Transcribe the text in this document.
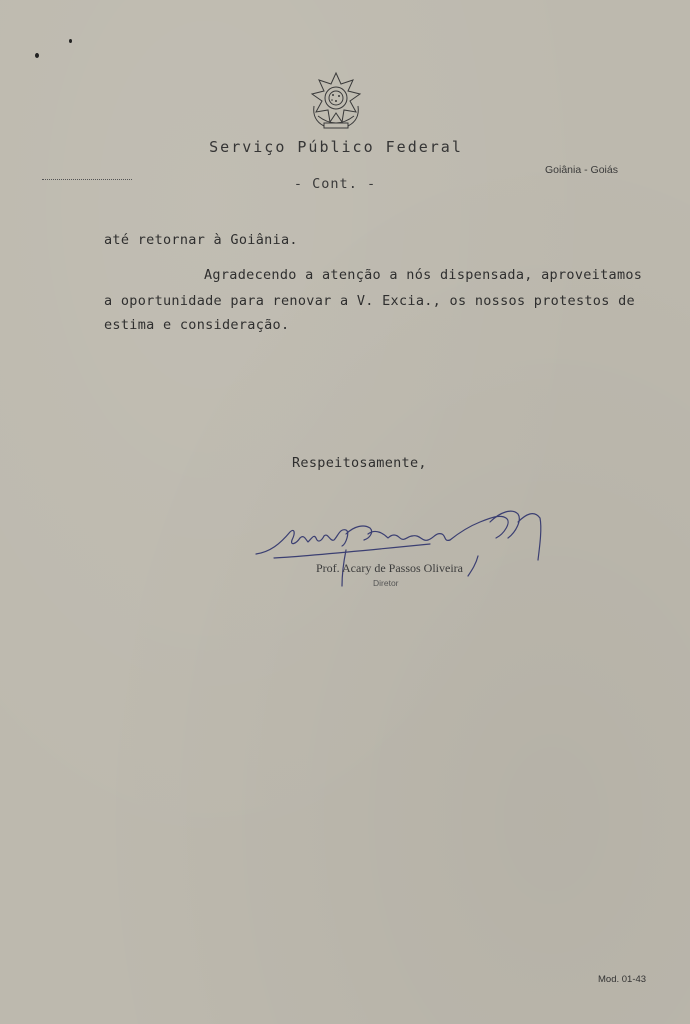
Serviço Público Federal
Goiânia - Goiás
- Cont. -
até retornar à Goiânia.
Agradecendo a atenção a nós dispensada, aproveitamos
a oportunidade para renovar a V. Excia., os nossos protestos de
estima e consideração.
Respeitosamente,
Prof. Acary de Passos Oliveira
Diretor
Mod. 01-43
